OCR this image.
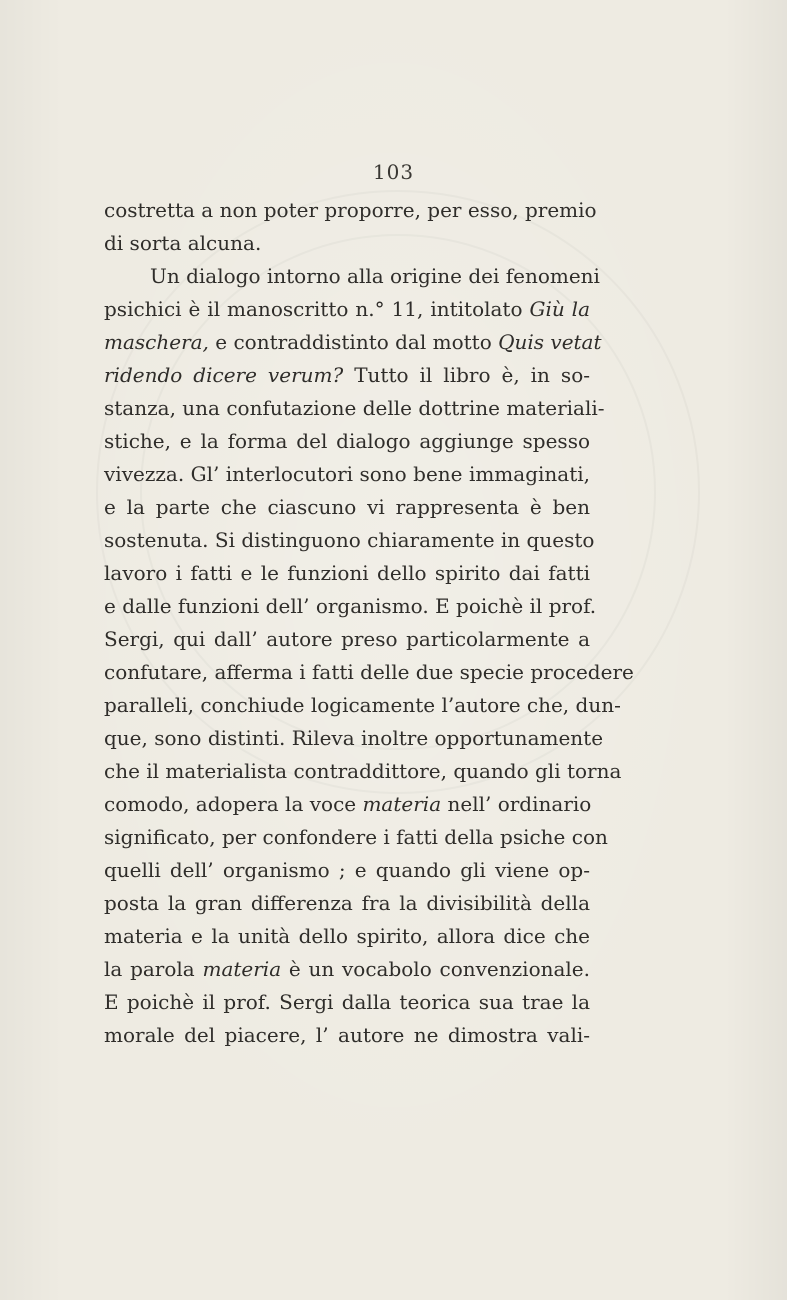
103
costretta a non poter proporre, per esso, premio
di sorta alcuna.
Un dialogo intorno alla origine dei fenomeni
psichici è il manoscritto n.° 11, intitolato Giù la
maschera, e contraddistinto dal motto Quis vetat
ridendo dicere verum? Tutto il libro è, in so-
stanza, una confutazione delle dottrine materiali-
stiche, e la forma del dialogo aggiunge spesso
vivezza. Gl’ interlocutori sono bene immaginati,
e la parte che ciascuno vi rappresenta è ben
sostenuta. Si distinguono chiaramente in questo
lavoro i fatti e le funzioni dello spirito dai fatti
e dalle funzioni dell’ organismo. E poichè il prof.
Sergi, qui dall’ autore preso particolarmente a
confutare, afferma i fatti delle due specie procedere
paralleli, conchiude logicamente l’autore che, dun-
que, sono distinti. Rileva inoltre opportunamente
che il materialista contraddittore, quando gli torna
comodo, adopera la voce materia nell’ ordinario
significato, per confondere i fatti della psiche con
quelli dell’ organismo ; e quando gli viene op-
posta la gran differenza fra la divisibilità della
materia e la unità dello spirito, allora dice che
la parola materia è un vocabolo convenzionale.
E poichè il prof. Sergi dalla teorica sua trae la
morale del piacere, l’ autore ne dimostra vali-
